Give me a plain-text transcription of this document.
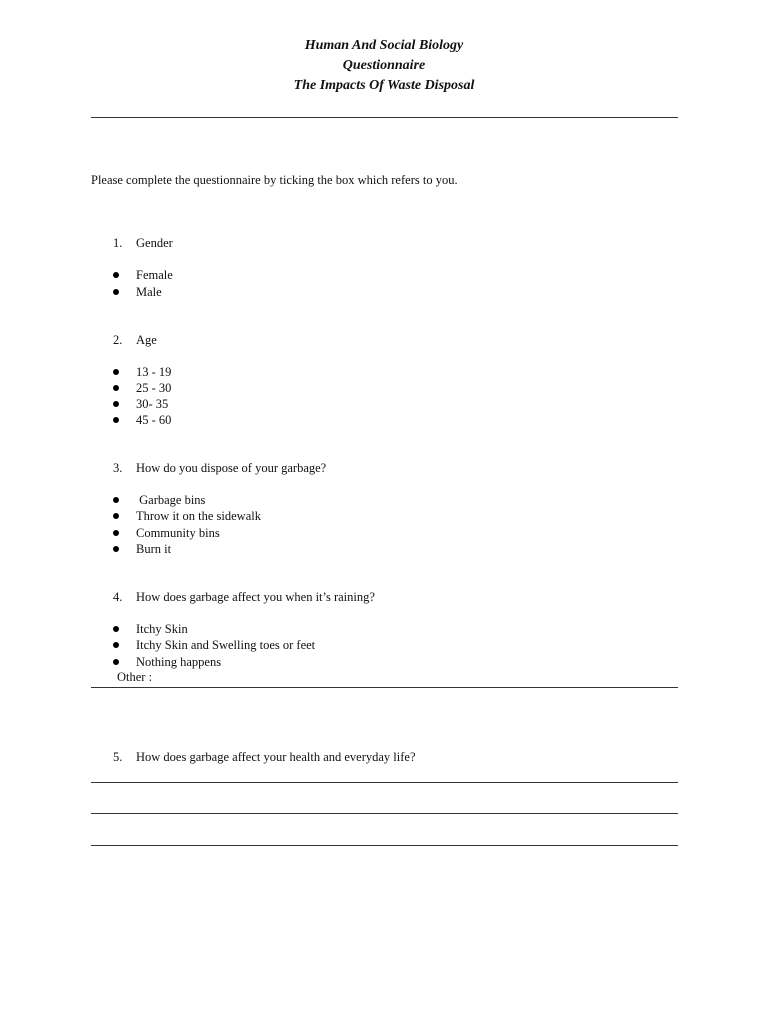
Human And Social Biology
Questionnaire
The Impacts Of Waste Disposal
Please complete the questionnaire by ticking the box which refers to you.
1. Gender
Female
Male
2. Age
13 - 19
25 - 30
30- 35
45 - 60
3. How do you dispose of your garbage?
Garbage bins
Throw it on the sidewalk
Community bins
Burn it
4. How does garbage affect you when it’s raining?
Itchy Skin
Itchy Skin and Swelling toes or feet
Nothing happens
Other :
5. How does garbage affect your health and everyday life?
